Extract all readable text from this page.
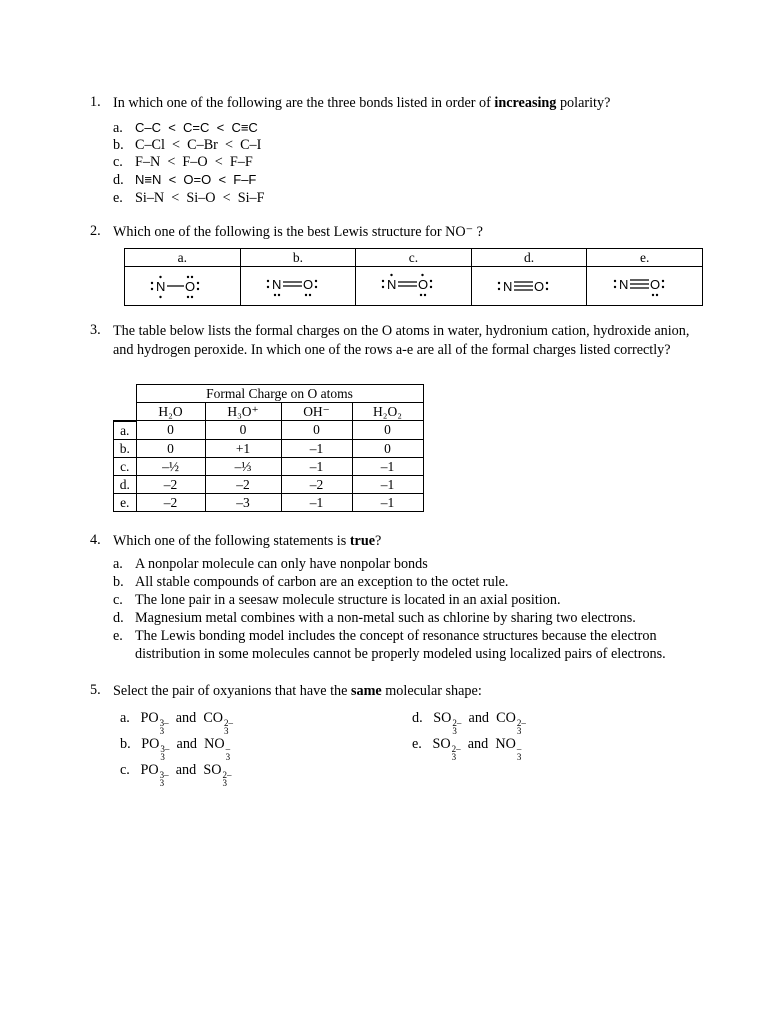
1. In which one of the following are the three bonds listed in order of increasing polarity?
a. C–C  <  C=C  <  C≡C
b. C–Cl  <  C–Br  <  C–I
c. F–N  <  F–O  <  F–F
d. N≡N  <  O=O  <  F–F
e. Si–N  <  Si–O  <  Si–F
2. Which one of the following is the best Lewis structure for NO⁻ ?
a.	b.	c.	d.	e.

N O	N O	N O	N O	N O
3. The table below lists the formal charges on the O atoms in water, hydronium cation, hydroxide anion, and hydrogen peroxide. In which one of the rows a-e are all of the formal charges listed correctly?
	Formal Charge on O atoms			
	H₂O	H₃O⁺	OH⁻	H₂O₂
a.	0	0	0	0
b.	0	+1	–1	0
c.	–½	–⅓	–1	–1
d.	–2	–2	–2	–1
e.	–2	–3	–1	–1
4. Which one of the following statements is true?
a. A nonpolar molecule can only have nonpolar bonds
b. All stable compounds of carbon are an exception to the octet rule.
c. The lone pair in a seesaw molecule structure is located in an axial position.
d. Magnesium metal combines with a non-metal such as chlorine by sharing two electrons.
e. The Lewis bonding model includes the concept of resonance structures because the electron
distribution in some molecules cannot be properly modeled using localized pairs of electrons.
5. Select the pair of oxyanions that have the same molecular shape:
a. PO 3–
3
and CO 2–
3
b. PO 3–
3
and NO –
3
c. PO 3–
3
and SO 2–
3
d. SO 2–
3
and CO 2–
3
e. SO 2–
3
and NO –
3
